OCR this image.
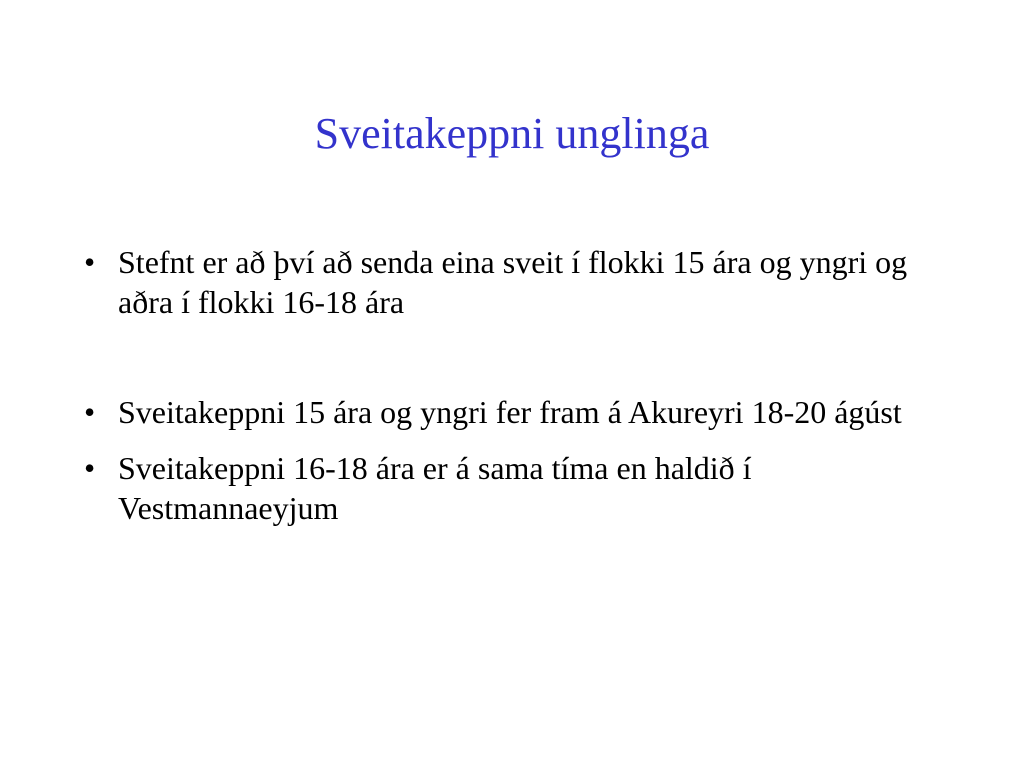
Sveitakeppni unglinga
• Stefnt er að því að senda eina sveit í flokki 15 ára og yngri og aðra í flokki 16-18 ára
• Sveitakeppni 15 ára og yngri fer fram á Akureyri 18-20 ágúst
• Sveitakeppni 16-18 ára er á sama tíma en haldið í Vestmannaeyjum
